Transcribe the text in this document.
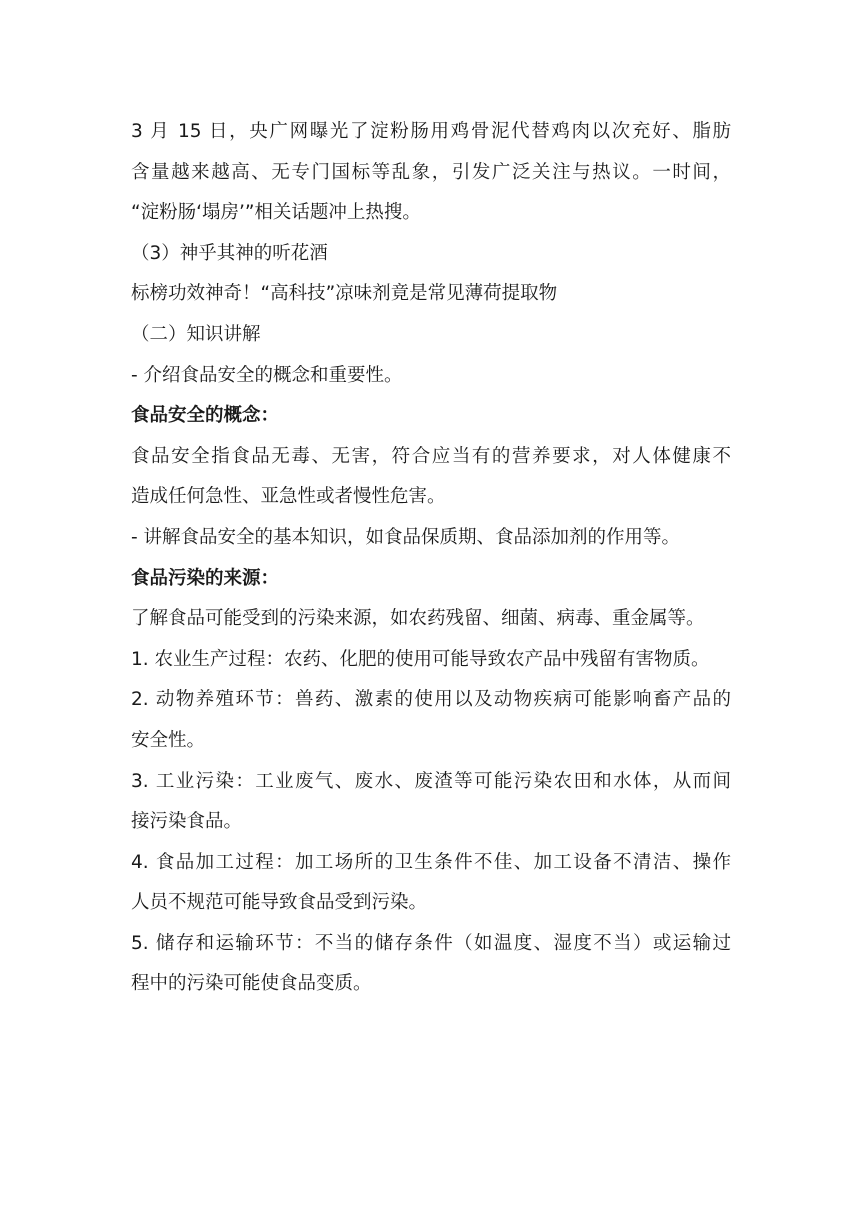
3 月 15 日，央广网曝光了淀粉肠用鸡骨泥代替鸡肉以次充好、脂肪
含量越来越高、无专门国标等乱象，引发广泛关注与热议。一时间，
“淀粉肠‘塌房’”相关话题冲上热搜。
（3）神乎其神的听花酒
标榜功效神奇！“高科技”凉味剂竟是常见薄荷提取物
（二）知识讲解
- 介绍食品安全的概念和重要性。
食品安全的概念：
食品安全指食品无毒、无害，符合应当有的营养要求，对人体健康不
造成任何急性、亚急性或者慢性危害。
- 讲解食品安全的基本知识，如食品保质期、食品添加剂的作用等。
食品污染的来源：
了解食品可能受到的污染来源，如农药残留、细菌、病毒、重金属等。
1. 农业生产过程：农药、化肥的使用可能导致农产品中残留有害物质。
2. 动物养殖环节：兽药、激素的使用以及动物疾病可能影响畜产品的
安全性。
3. 工业污染：工业废气、废水、废渣等可能污染农田和水体，从而间
接污染食品。
4. 食品加工过程：加工场所的卫生条件不佳、加工设备不清洁、操作
人员不规范可能导致食品受到污染。
5. 储存和运输环节：不当的储存条件（如温度、湿度不当）或运输过
程中的污染可能使食品变质。
